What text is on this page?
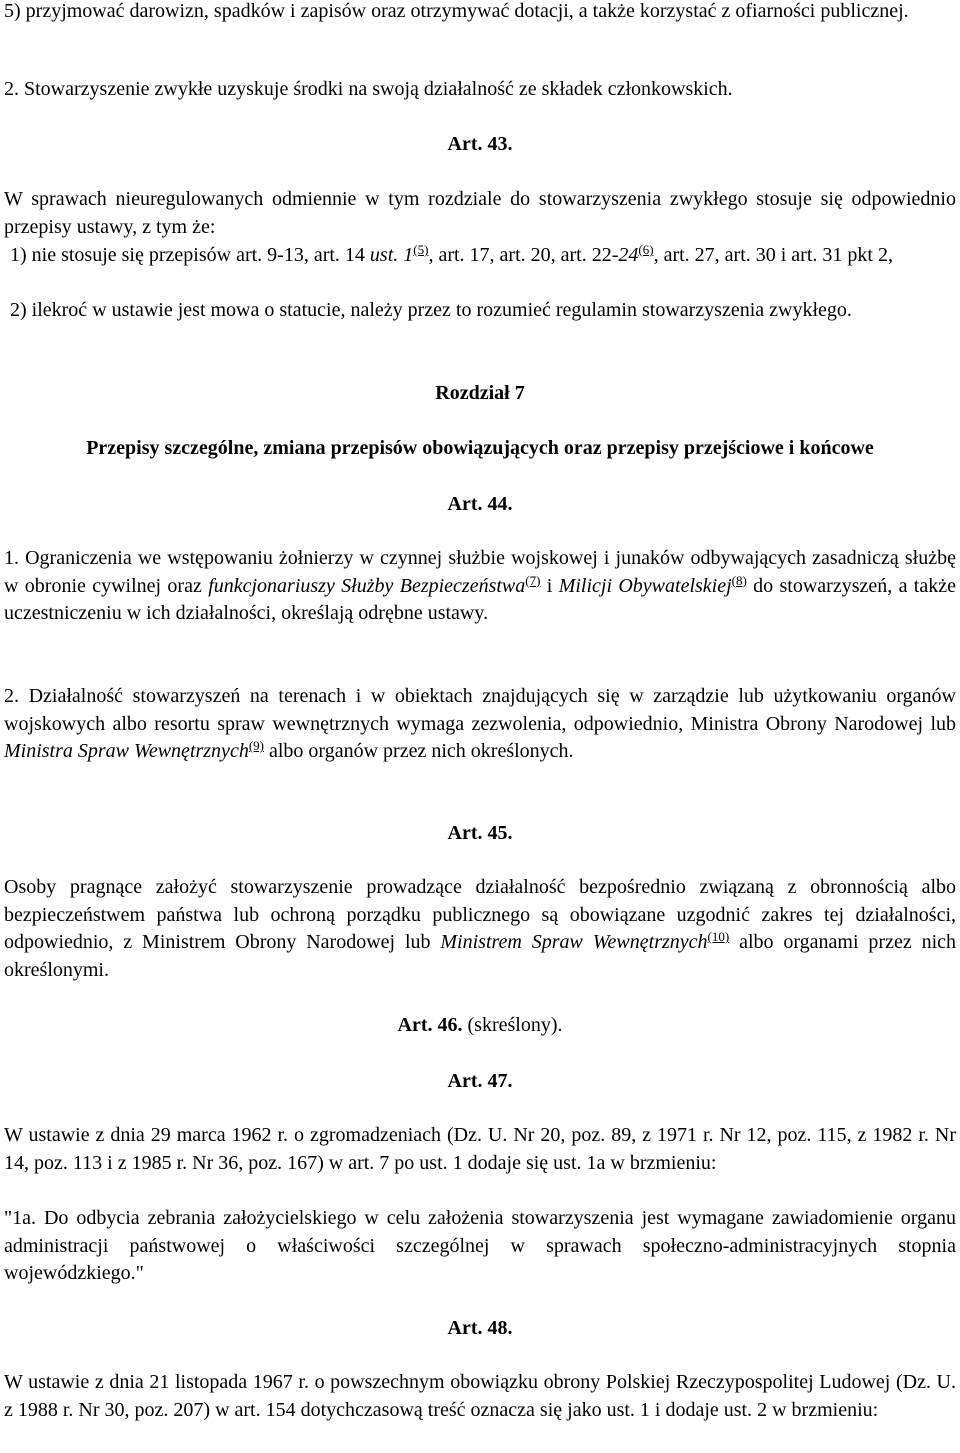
5) przyjmować darowizn, spadków i zapisów oraz otrzymywać dotacji, a także korzystać z ofiarności publicznej.

2. Stowarzyszenie zwykłe uzyskuje środki na swoją działalność ze składek członkowskich.

Art. 43.

W sprawach nieuregulowanych odmiennie w tym rozdziale do stowarzyszenia zwykłego stosuje się odpowiednio przepisy ustawy, z tym że:

1) nie stosuje się przepisów art. 9-13, art. 14 ust. 1$^{(5)}$, art. 17, art. 20, art. 22-24$^{(6)}$, art. 27, art. 30 i art. 31 pkt 2,

2) ilekroć w ustawie jest mowa o statucie, należy przez to rozumieć regulamin stowarzyszenia zwykłego.

Rozdział 7

Przepisy szczególne, zmiana przepisów obowiązujących oraz przepisy przejściowe i końcowe

Art. 44.

1. Ograniczenia we wstępowaniu żołnierzy w czynnej służbie wojskowej i junaków odbywających zasadniczą służbę w obronie cywilnej oraz funkcjonariuszy Służby Bezpieczeństwa$^{(7)}$ i Milicji Obywatelskiej$^{(8)}$ do stowarzyszeń, a także uczestniczeniu w ich działalności, określają odrębne ustawy.

2. Działalność stowarzyszeń na terenach i w obiektach znajdujących się w zarządzie lub użytkowaniu organów wojskowych albo resortu spraw wewnętrznych wymaga zezwolenia, odpowiednio, Ministra Obrony Narodowej lub Ministra Spraw Wewnętrznych$^{(9)}$ albo organów przez nich określonych.

Art. 45.

Osoby pragnące założyć stowarzyszenie prowadzące działalność bezpośrednio związaną z obronnością albo bezpieczeństwem państwa lub ochroną porządku publicznego są obowiązane uzgodnić zakres tej działalności, odpowiednio, z Ministrem Obrony Narodowej lub Ministrem Spraw Wewnętrznych$^{(10)}$ albo organami przez nich określonymi.

Art. 46. (skreślony).

Art. 47.

W ustawie z dnia 29 marca 1962 r. o zgromadzeniach (Dz. U. Nr 20, poz. 89, z 1971 r. Nr 12, poz. 115, z 1982 r. Nr 14, poz. 113 i z 1985 r. Nr 36, poz. 167) w art. 7 po ust. 1 dodaje się ust. 1a w brzmieniu:

"1a. Do odbycia zebrania założycielskiego w celu założenia stowarzyszenia jest wymagane zawiadomienie organu administracji państwowej o właściwości szczególnej w sprawach społeczno-administracyjnych stopnia wojewódzkiego."

Art. 48.

W ustawie z dnia 21 listopada 1967 r. o powszechnym obowiązku obrony Polskiej Rzeczypospolitej Ludowej (Dz. U. z 1988 r. Nr 30, poz. 207) w art. 154 dotychczasową treść oznacza się jako ust. 1 i dodaje ust. 2 w brzmieniu:
